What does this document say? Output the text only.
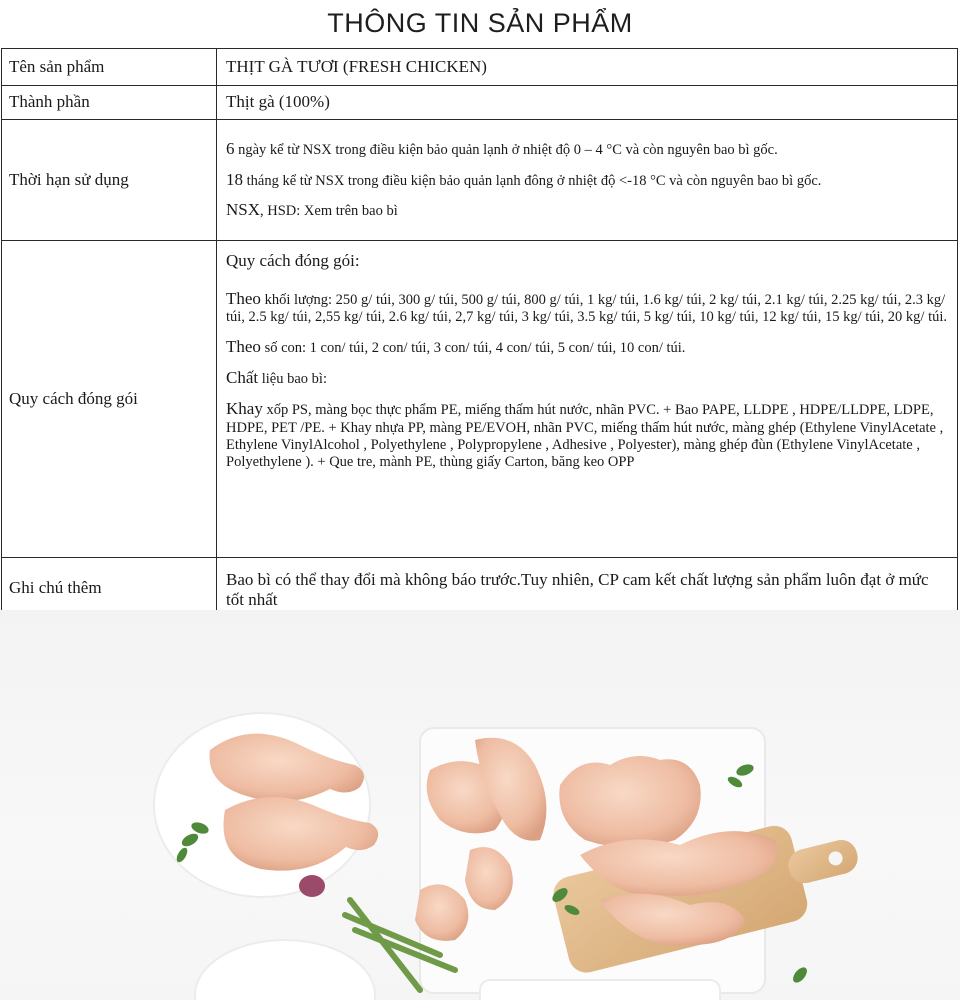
THÔNG TIN SẢN PHẨM
Tên sản phẩm	THỊT GÀ TƯƠI (FRESH CHICKEN)
Thành phần	Thịt gà (100%)
Thời hạn sử dụng	6 ngày kể từ NSX trong điều kiện bảo quản lạnh ở nhiệt độ 0 – 4 °C và còn nguyên bao bì gốc.

18 tháng kể từ NSX trong điều kiện bảo quản lạnh đông ở nhiệt độ <-18 °C và còn nguyên bao bì gốc.

NSX, HSD: Xem trên bao bì

Quy cách đóng gói	Quy cách đóng gói:

Theo khối lượng: 250 g/ túi, 300 g/ túi, 500 g/ túi, 800 g/ túi, 1 kg/ túi, 1.6 kg/ túi, 2 kg/ túi, 2.1 kg/ túi, 2.25 kg/ túi, 2.3 kg/ túi, 2.5 kg/ túi, 2,55 kg/ túi, 2.6 kg/ túi, 2,7 kg/ túi, 3 kg/ túi, 3.5 kg/ túi, 5 kg/ túi, 10 kg/ túi, 12 kg/ túi, 15 kg/ túi, 20 kg/ túi.

Theo số con: 1 con/ túi, 2 con/ túi, 3 con/ túi, 4 con/ túi, 5 con/ túi, 10 con/ túi.

Chất liệu bao bì:

Khay xốp PS, màng bọc thực phẩm PE, miếng thấm hút nước, nhãn PVC. + Bao PAPE, LLDPE , HDPE/LLDPE, LDPE, HDPE, PET /PE. + Khay nhựa PP, màng PE/EVOH, nhãn PVC, miếng thấm hút nước, màng ghép (Ethylene VinylAcetate , Ethylene VinylAlcohol , Polyethylene , Polypropylene , Adhesive , Polyester), màng ghép đùn (Ethylene VinylAcetate , Polyethylene ). + Que tre, mành PE, thùng giấy Carton, băng keo OPP

Ghi chú thêm	Bao bì có thể thay đổi mà không báo trước.Tuy nhiên, CP cam kết chất lượng sản phẩm luôn đạt ở mức tốt nhất
